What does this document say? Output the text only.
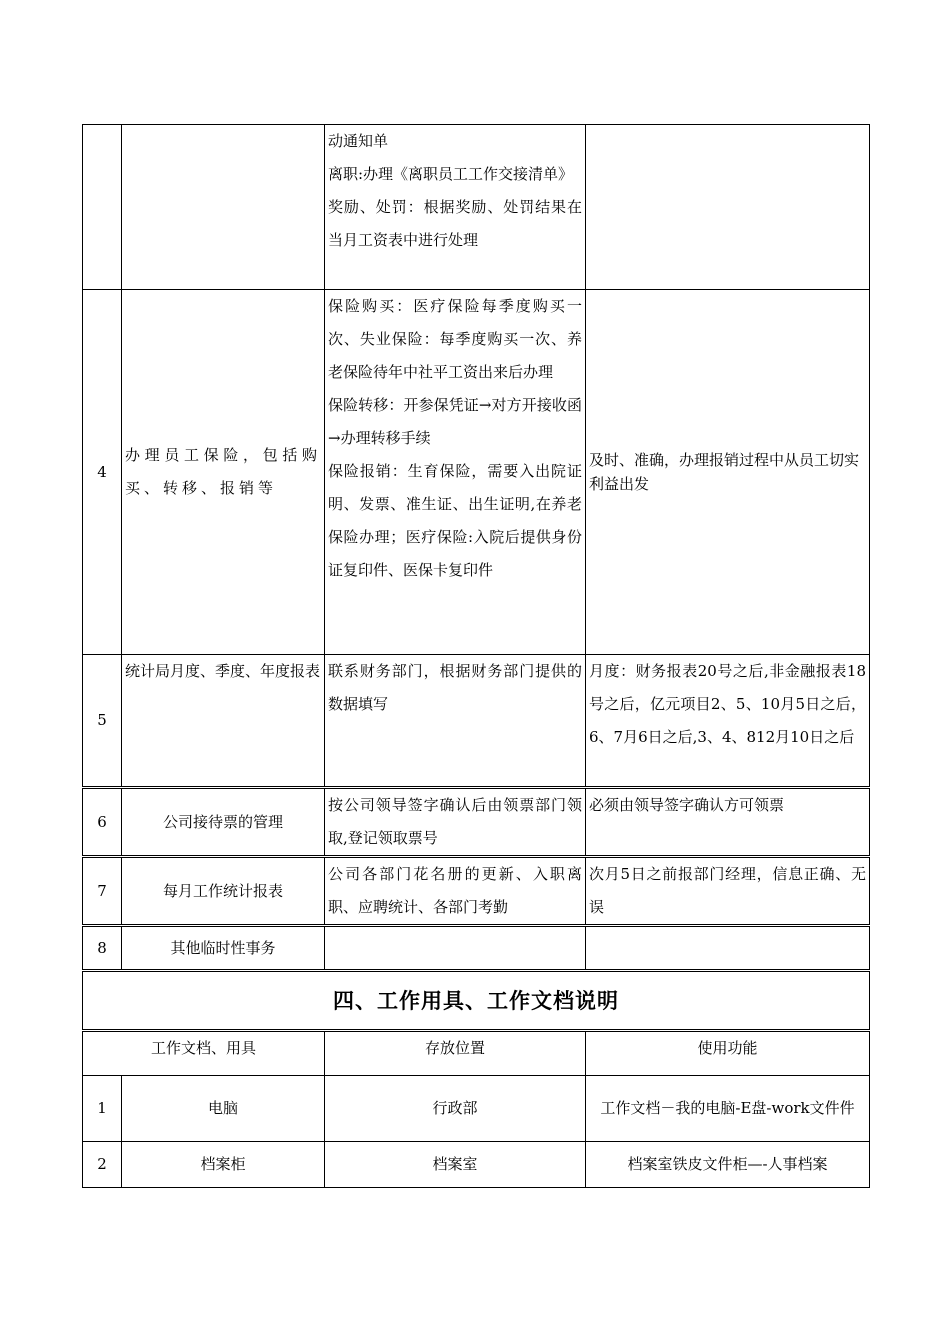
		动通知单
离职:办理《离职员工工作交接清单》
奖励、处罚：根据奖励、处罚结果在当月工资表中进行处理	

4	办理员工保险，包括购买、转移、报销等	保险购买：医疗保险每季度购买一次、失业保险：每季度购买一次、养老保险待年中社平工资出来后办理
保险转移：开参保凭证→对方开接收函→办理转移手续
保险报销：生育保险，需要入出院证明、发票、准生证、出生证明,在养老保险办理；医疗保险:入院后提供身份证复印件、医保卡复印件	及时、准确，办理报销过程中从员工切实利益出发
5	统计局月度、季度、年度报表	联系财务部门，根据财务部门提供的数据填写	月度：财务报表20号之后,非金融报表18号之后，亿元项目2、5、10月5日之后，6、7月6日之后,3、4、812月10日之后
6	公司接待票的管理	按公司领导签字确认后由领票部门领取,登记领取票号	必须由领导签字确认方可领票
7	每月工作统计报表	公司各部门花名册的更新、入职离职、应聘统计、各部门考勤	次月5日之前报部门经理，信息正确、无误
8	其他临时性事务	

四、工作用具、工作文档说明			
工作文档、用具		存放位置	使用功能
1	电脑	行政部	工作文档－我的电脑-E盘-work文件件
2	档案柜	档案室	档案室铁皮文件柜—-人事档案
